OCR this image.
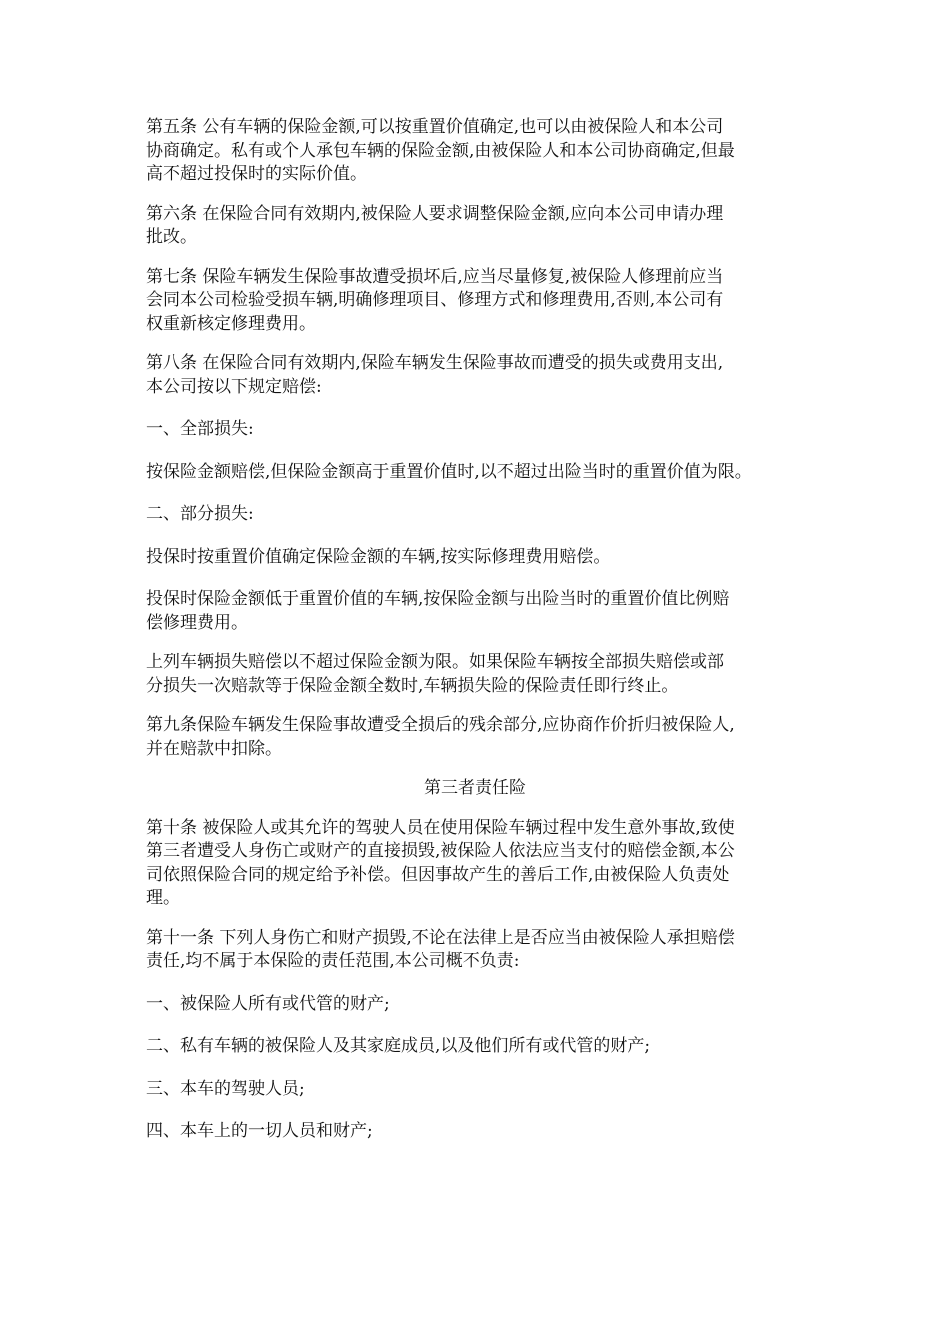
第五条 公有车辆的保险金额,可以按重置价值确定,也可以由被保险人和本公司
协商确定。私有或个人承包车辆的保险金额,由被保险人和本公司协商确定,但最
高不超过投保时的实际价值。

第六条 在保险合同有效期内,被保险人要求调整保险金额,应向本公司申请办理
批改。

第七条 保险车辆发生保险事故遭受损坏后,应当尽量修复,被保险人修理前应当
会同本公司检验受损车辆,明确修理项目、修理方式和修理费用,否则,本公司有
权重新核定修理费用。

第八条 在保险合同有效期内,保险车辆发生保险事故而遭受的损失或费用支出,
本公司按以下规定赔偿:

一、全部损失:

按保险金额赔偿,但保险金额高于重置价值时,以不超过出险当时的重置价值为限。

二、部分损失:

投保时按重置价值确定保险金额的车辆,按实际修理费用赔偿。

投保时保险金额低于重置价值的车辆,按保险金额与出险当时的重置价值比例赔
偿修理费用。

上列车辆损失赔偿以不超过保险金额为限。如果保险车辆按全部损失赔偿或部
分损失一次赔款等于保险金额全数时,车辆损失险的保险责任即行终止。

第九条保险车辆发生保险事故遭受全损后的残余部分,应协商作价折归被保险人,
并在赔款中扣除。

第三者责任险

第十条 被保险人或其允许的驾驶人员在使用保险车辆过程中发生意外事故,致使
第三者遭受人身伤亡或财产的直接损毁,被保险人依法应当支付的赔偿金额,本公
司依照保险合同的规定给予补偿。但因事故产生的善后工作,由被保险人负责处
理。

第十一条 下列人身伤亡和财产损毁,不论在法律上是否应当由被保险人承担赔偿
责任,均不属于本保险的责任范围,本公司概不负责:

一、被保险人所有或代管的财产;

二、私有车辆的被保险人及其家庭成员,以及他们所有或代管的财产;

三、本车的驾驶人员;

四、本车上的一切人员和财产;
